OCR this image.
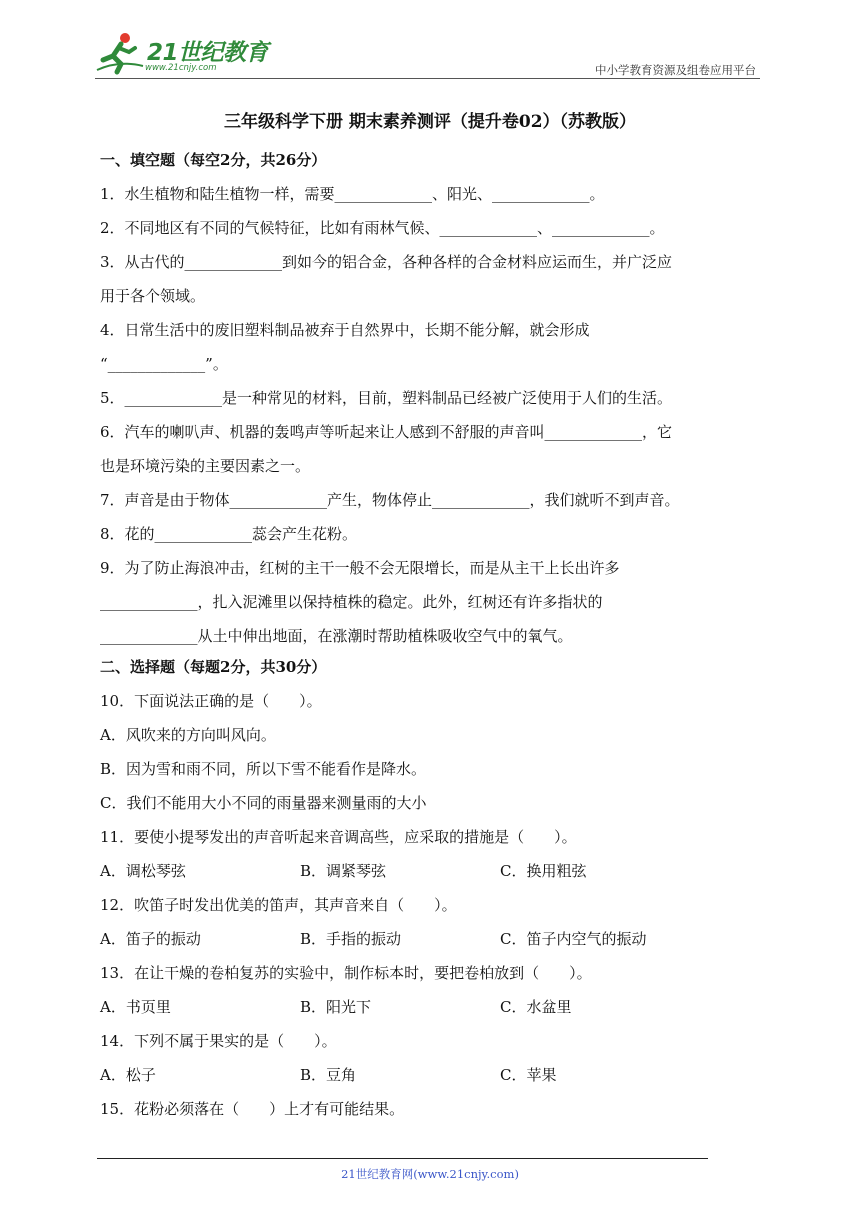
21世纪教育
www.21cnjy.com	中小学教育资源及组卷应用平台
三年级科学下册 期末素养测评（提升卷02）（苏教版）
一、填空题（每空2分，共26分）
1．水生植物和陆生植物一样，需要_____________、阳光、_____________。
2．不同地区有不同的气候特征，比如有雨林气候、_____________、_____________。
3．从古代的_____________到如今的铝合金，各种各样的合金材料应运而生，并广泛应
用于各个领域。
4．日常生活中的废旧塑料制品被弃于自然界中，长期不能分解，就会形成
“_____________”。
5．_____________是一种常见的材料，目前，塑料制品已经被广泛使用于人们的生活。
6．汽车的喇叭声、机器的轰鸣声等听起来让人感到不舒服的声音叫_____________，它
也是环境污染的主要因素之一。
7．声音是由于物体_____________产生，物体停止_____________，我们就听不到声音。
8．花的_____________蕊会产生花粉。
9．为了防止海浪冲击，红树的主干一般不会无限增长，而是从主干上长出许多
_____________，扎入泥滩里以保持植株的稳定。此外，红树还有许多指状的
_____________从土中伸出地面，在涨潮时帮助植株吸收空气中的氧气。
二、选择题（每题2分，共30分）
10．下面说法正确的是（　　）。
A．风吹来的方向叫风向。
B．因为雪和雨不同，所以下雪不能看作是降水。
C．我们不能用大小不同的雨量器来测量雨的大小
11．要使小提琴发出的声音听起来音调高些，应采取的措施是（　　）。
A．调松琴弦	B．调紧琴弦	C．换用粗弦
12．吹笛子时发出优美的笛声，其声音来自（　　）。
A．笛子的振动	B．手指的振动	C．笛子内空气的振动
13．在让干燥的卷柏复苏的实验中，制作标本时，要把卷柏放到（　　）。
A．书页里	B．阳光下	C．水盆里
14．下列不属于果实的是（　　）。
A．松子	B．豆角	C．苹果
15．花粉必须落在（　　）上才有可能结果。
21世纪教育网(www.21cnjy.com)
